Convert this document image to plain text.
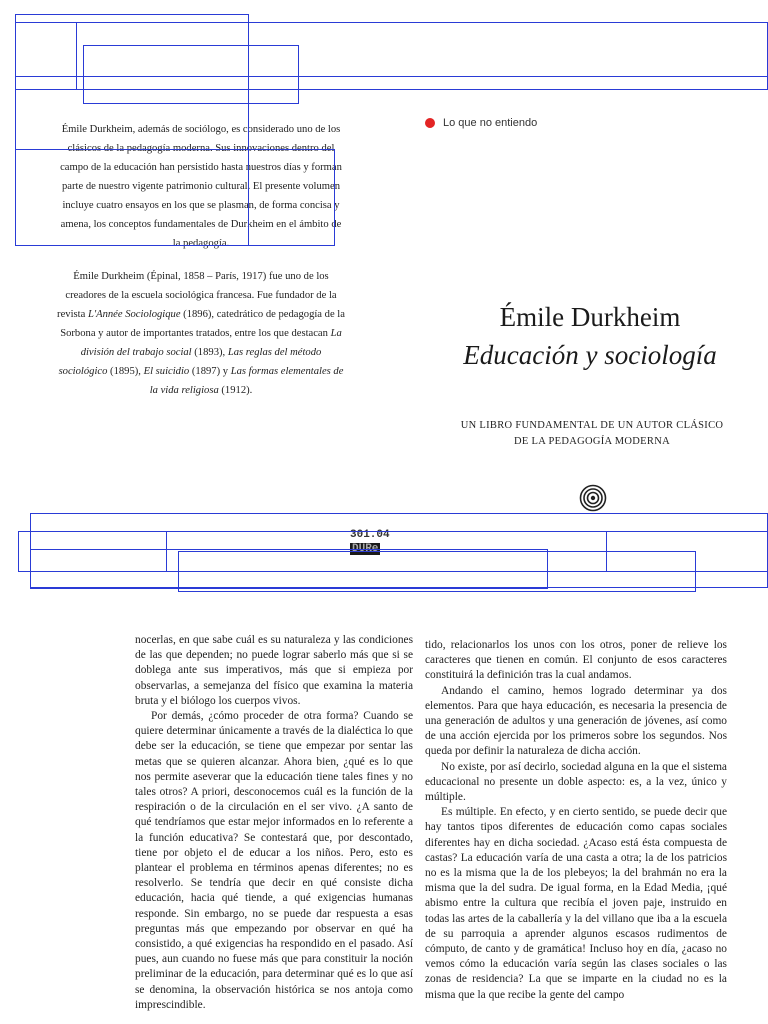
Émile Durkheim, además de sociólogo, es considerado uno de los clásicos de la pedagogía moderna. Sus innovaciones dentro del campo de la educación han persistido hasta nuestros días y forman parte de nuestro vigente patrimonio cultural. El presente volumen incluye cuatro ensayos en los que se plasman, de forma concisa y amena, los conceptos fundamentales de Durkheim en el ámbito de la pedagogía.

Émile Durkheim (Épinal, 1858 – París, 1917) fue uno de los creadores de la escuela sociológica francesa. Fue fundador de la revista L'Année Sociologique (1896), catedrático de pedagogía de la Sorbona y autor de importantes tratados, entre los que destacan La división del trabajo social (1893), Las reglas del método sociológico (1895), El suicidio (1897) y Las formas elementales de la vida religiosa (1912).

Lo que no entiendo
Émile Durkheim
Educación y sociología
UN LIBRO FUNDAMENTAL DE UN AUTOR CLÁSICO
DE LA PEDAGOGÍA MODERNA
301.04
DURe

nocerlas, en que sabe cuál es su naturaleza y las condiciones de las que dependen; no puede lograr saberlo más que si se doblega ante sus imperativos, más que si empieza por observarlas, a semejanza del físico que examina la materia bruta y el biólogo los cuerpos vivos.

Por demás, ¿cómo proceder de otra forma? Cuando se quiere determinar únicamente a través de la dialéctica lo que debe ser la educación, se tiene que empezar por sentar las metas que se quieren alcanzar. Ahora bien, ¿qué es lo que nos permite aseverar que la educación tiene tales fines y no tales otros? A priori, desconocemos cuál es la función de la respiración o de la circulación en el ser vivo. ¿A santo de qué tendríamos que estar mejor informados en lo referente a la función educativa? Se contestará que, por descontado, tiene por objeto el de educar a los niños. Pero, esto es plantear el problema en términos apenas diferentes; no es resolverlo. Se tendría que decir en qué consiste dicha educación, hacia qué tiende, a qué exigencias humanas responde. Sin embargo, no se puede dar respuesta a esas preguntas más que empezando por observar en qué ha consistido, a qué exigencias ha respondido en el pasado. Así pues, aun cuando no fuese más que para constituir la noción preliminar de la educación, para determinar qué es lo que así se denomina, la observación histórica se nos antoja como imprescindible.

tido, relacionarlos los unos con los otros, poner de relieve los caracteres que tienen en común. El conjunto de esos caracteres constituirá la definición tras la cual andamos.

Andando el camino, hemos logrado determinar ya dos elementos. Para que haya educación, es necesaria la presencia de una generación de adultos y una generación de jóvenes, así como de una acción ejercida por los primeros sobre los segundos. Nos queda por definir la naturaleza de dicha acción.

No existe, por así decirlo, sociedad alguna en la que el sistema educacional no presente un doble aspecto: es, a la vez, único y múltiple.

Es múltiple. En efecto, y en cierto sentido, se puede decir que hay tantos tipos diferentes de educación como capas sociales diferentes hay en dicha sociedad. ¿Acaso está ésta compuesta de castas? La educación varía de una casta a otra; la de los patricios no es la misma que la de los plebeyos; la del brahmán no era la misma que la del sudra. De igual forma, en la Edad Media, ¡qué abismo entre la cultura que recibía el joven paje, instruido en todas las artes de la caballería y la del villano que iba a la escuela de su parroquia a aprender algunos escasos rudimentos de cómputo, de canto y de gramática! Incluso hoy en día, ¿acaso no vemos cómo la educación varía según las clases sociales o las zonas de residencia? La que se imparte en la ciudad no es la misma que la que recibe la gente del campo
